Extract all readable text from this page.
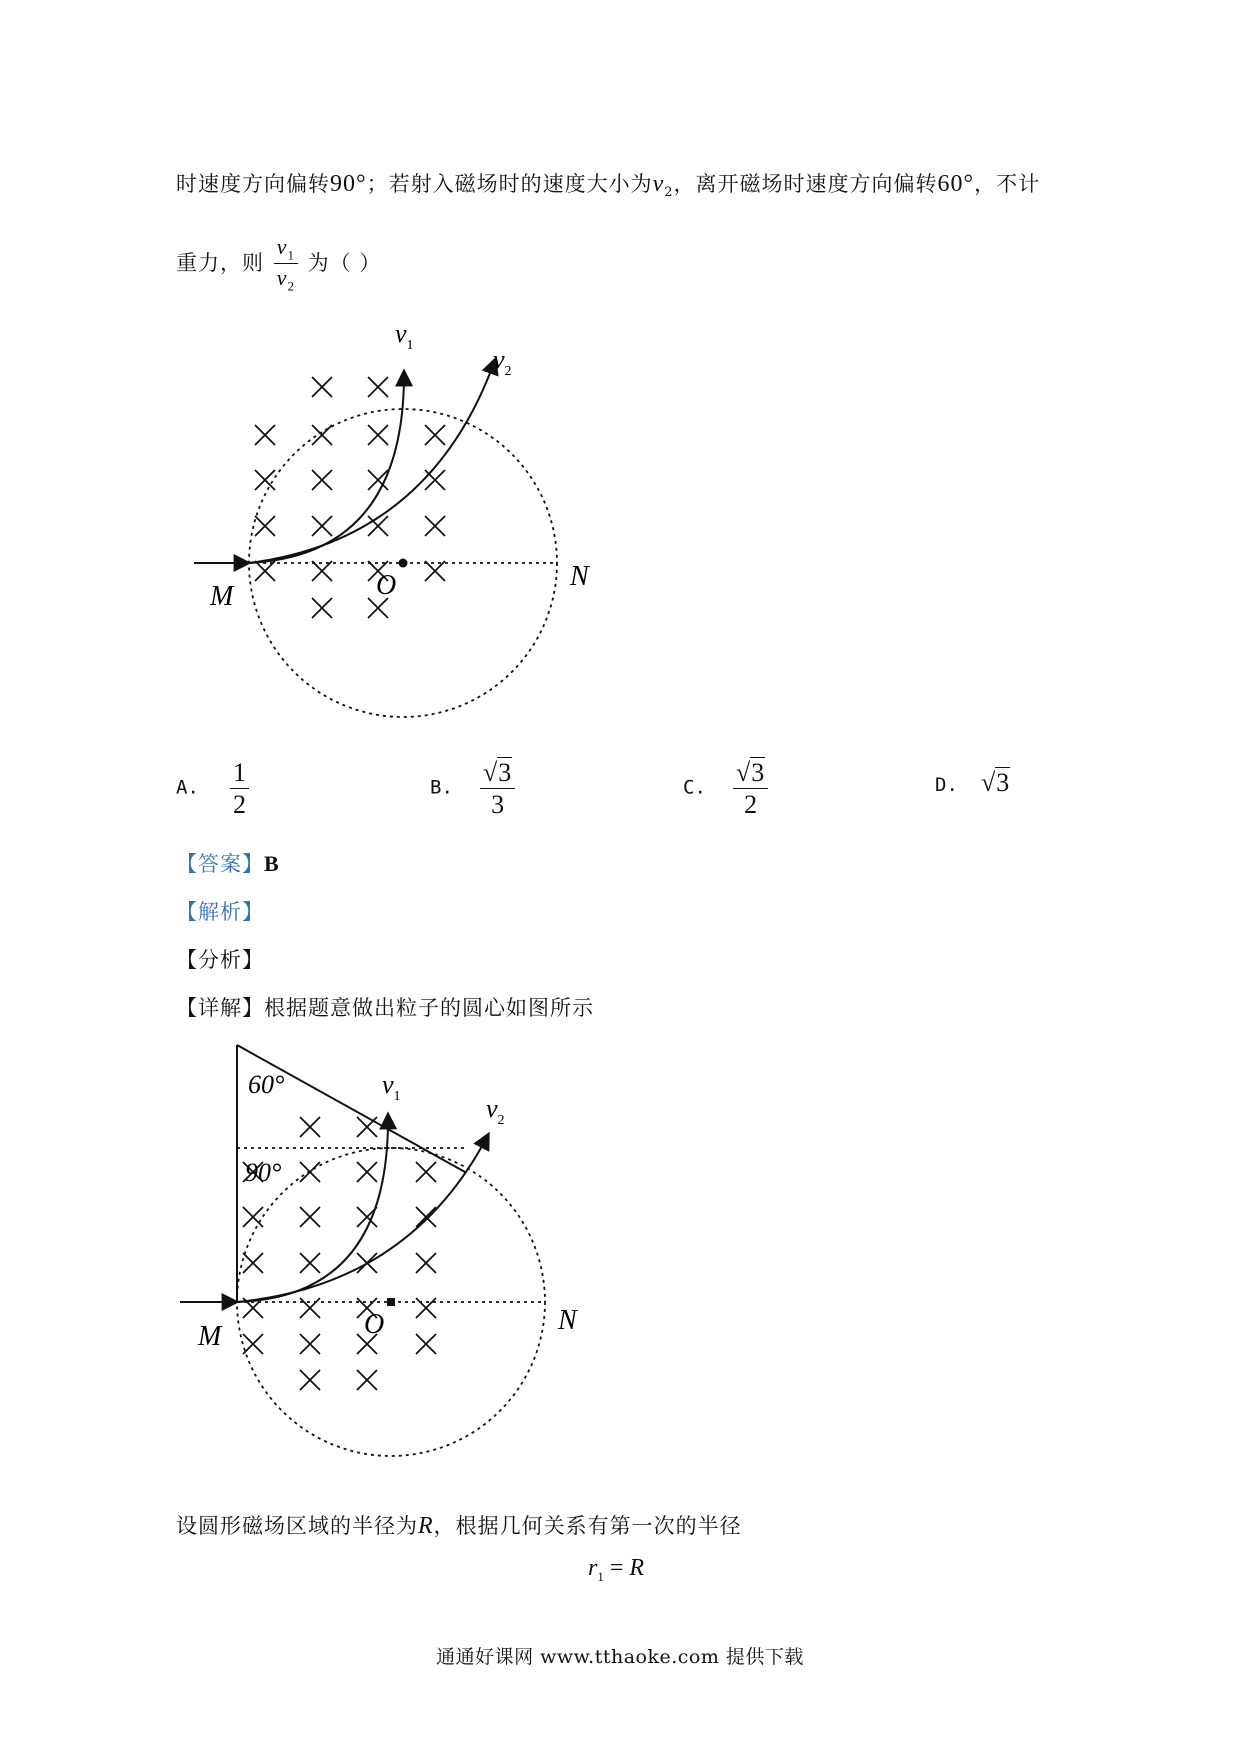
时速度方向偏转90°；若射入磁场时的速度大小为$v_2$，离开磁场时速度方向偏转60°，不计
重力，则 $\frac{v_1}{v_2}$ 为（ ）
$v_1$	$v_2$
M	O	N
A. $\frac{1}{2}$	B. $\frac{√3}{3}$	C. $\frac{√3}{2}$	D. √3
【答案】B
【解析】
【分析】
【详解】根据题意做出粒子的圆心如图所示
60°
90°
$v_1$	$v_2$
M	O	N
设圆形磁场区域的半径为R，根据几何关系有第一次的半径
$r_1 = R$
通通好课网 www.tthaoke.com 提供下载
